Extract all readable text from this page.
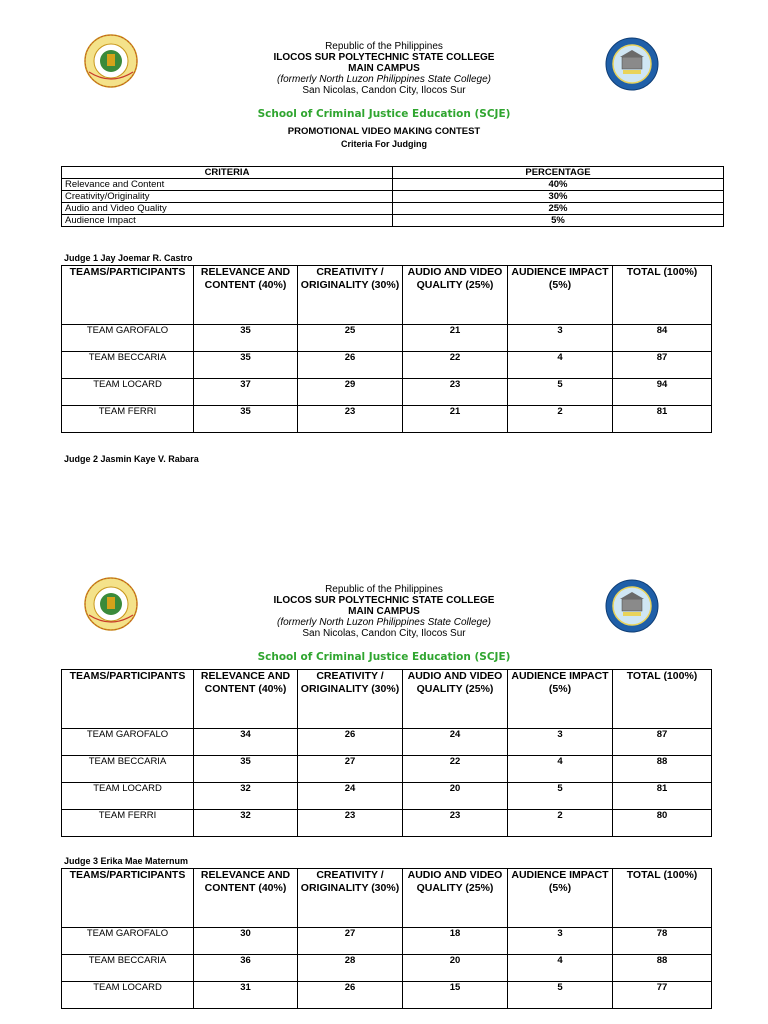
Republic of the Philippines
ILOCOS SUR POLYTECHNIC STATE COLLEGE
MAIN CAMPUS
(formerly North Luzon Philippines State College)
San Nicolas, Candon City, Ilocos Sur
School of Criminal Justice Education (SCJE)
PROMOTIONAL VIDEO MAKING CONTEST
Criteria For Judging
CRITERIA	PERCENTAGE
Relevance and Content	40%
Creativity/Originality	30%
Audio and Video Quality	25%
Audience Impact	5%
Judge 1 Jay Joemar R. Castro
TEAMS/PARTICIPANTS	RELEVANCE AND CONTENT (40%)	CREATIVITY / ORIGINALITY (30%)	AUDIO AND VIDEO QUALITY (25%)	AUDIENCE IMPACT (5%)	TOTAL (100%)
TEAM GAROFALO	35	25	21	3	84
TEAM BECCARIA	35	26	22	4	87
TEAM LOCARD	37	29	23	5	94
TEAM FERRI	35	23	21	2	81
Judge 2 Jasmin Kaye V. Rabara
Republic of the Philippines
ILOCOS SUR POLYTECHNIC STATE COLLEGE
MAIN CAMPUS
(formerly North Luzon Philippines State College)
San Nicolas, Candon City, Ilocos Sur
School of Criminal Justice Education (SCJE)
TEAMS/PARTICIPANTS	RELEVANCE AND CONTENT (40%)	CREATIVITY / ORIGINALITY (30%)	AUDIO AND VIDEO QUALITY (25%)	AUDIENCE IMPACT (5%)	TOTAL (100%)
TEAM GAROFALO	34	26	24	3	87
TEAM BECCARIA	35	27	22	4	88
TEAM LOCARD	32	24	20	5	81
TEAM FERRI	32	23	23	2	80
Judge 3 Erika Mae Maternum
TEAMS/PARTICIPANTS	RELEVANCE AND CONTENT (40%)	CREATIVITY / ORIGINALITY (30%)	AUDIO AND VIDEO QUALITY (25%)	AUDIENCE IMPACT (5%)	TOTAL (100%)
TEAM GAROFALO	30	27	18	3	78
TEAM BECCARIA	36	28	20	4	88
TEAM LOCARD	31	26	15	5	77
